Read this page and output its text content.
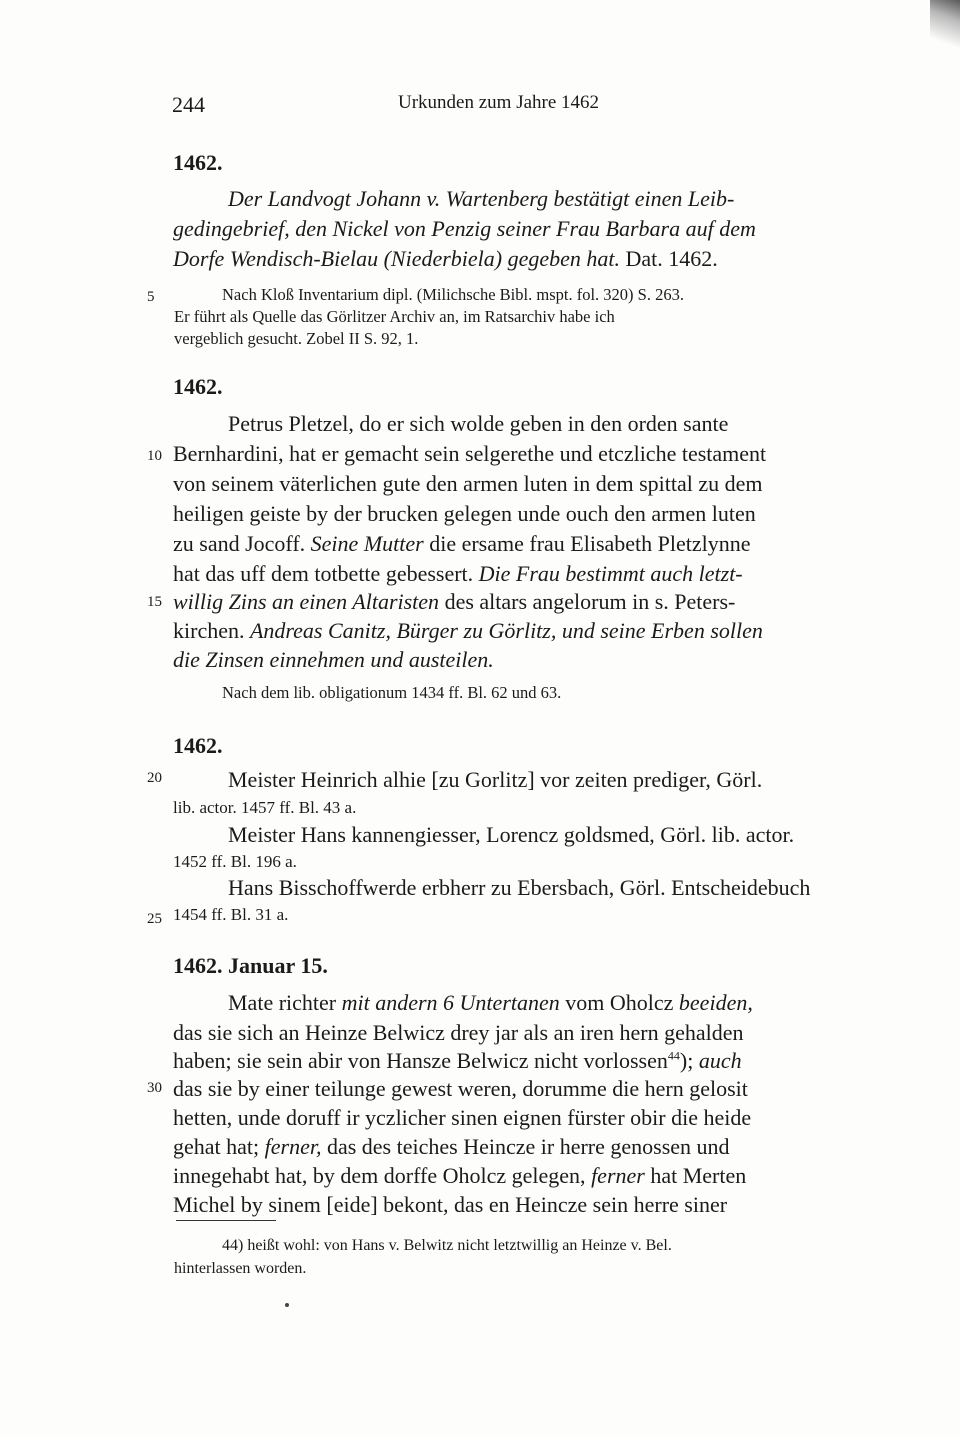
244	Urkunden zum Jahre 1462
5
10
15
20
25
30
1462.
Der Landvogt Johann v. Wartenberg bestätigt einen Leib-
gedingebrief, den Nickel von Penzig seiner Frau Barbara auf dem
Dorfe Wendisch-Bielau (Niederbiela) gegeben hat. Dat. 1462.
Nach Kloß Inventarium dipl. (Milichsche Bibl. mspt. fol. 320) S. 263.
Er führt als Quelle das Görlitzer Archiv an, im Ratsarchiv habe ich
vergeblich gesucht. Zobel II S. 92, 1.
1462.
Petrus Pletzel, do er sich wolde geben in den orden sante
Bernhardini, hat er gemacht sein selgerethe und etczliche testament
von seinem väterlichen gute den armen luten in dem spittal zu dem
heiligen geiste by der brucken gelegen unde ouch den armen luten
zu sand Jocoff. Seine Mutter die ersame frau Elisabeth Pletzlynne
hat das uff dem totbette gebessert. Die Frau bestimmt auch letzt-
willig Zins an einen Altaristen des altars angelorum in s. Peters-
kirchen. Andreas Canitz, Bürger zu Görlitz, und seine Erben sollen
die Zinsen einnehmen und austeilen.
Nach dem lib. obligationum 1434 ff. Bl. 62 und 63.
1462.
Meister Heinrich alhie [zu Gorlitz] vor zeiten prediger, Görl.
lib. actor. 1457 ff. Bl. 43 a.
Meister Hans kannengiesser, Lorencz goldsmed, Görl. lib. actor.
1452 ff. Bl. 196 a.
Hans Bisschoffwerde erbherr zu Ebersbach, Görl. Entscheidebuch
1454 ff. Bl. 31 a.
1462. Januar 15.
Mate richter mit andern 6 Untertanen vom Oholcz beeiden,
das sie sich an Heinze Belwicz drey jar als an iren hern gehalden
haben; sie sein abir von Hansze Belwicz nicht vorlossen$^{44}$); auch
das sie by einer teilunge gewest weren, dorumme die hern gelosit
hetten, unde doruff ir yczlicher sinen eignen fürster obir die heide
gehat hat; ferner, das des teiches Heincze ir herre genossen und
innegehabt hat, by dem dorffe Oholcz gelegen, ferner hat Merten
Michel by sinem [eide] bekont, das en Heincze sein herre siner
44) heißt wohl: von Hans v. Belwitz nicht letztwillig an Heinze v. Bel.
hinterlassen worden.
